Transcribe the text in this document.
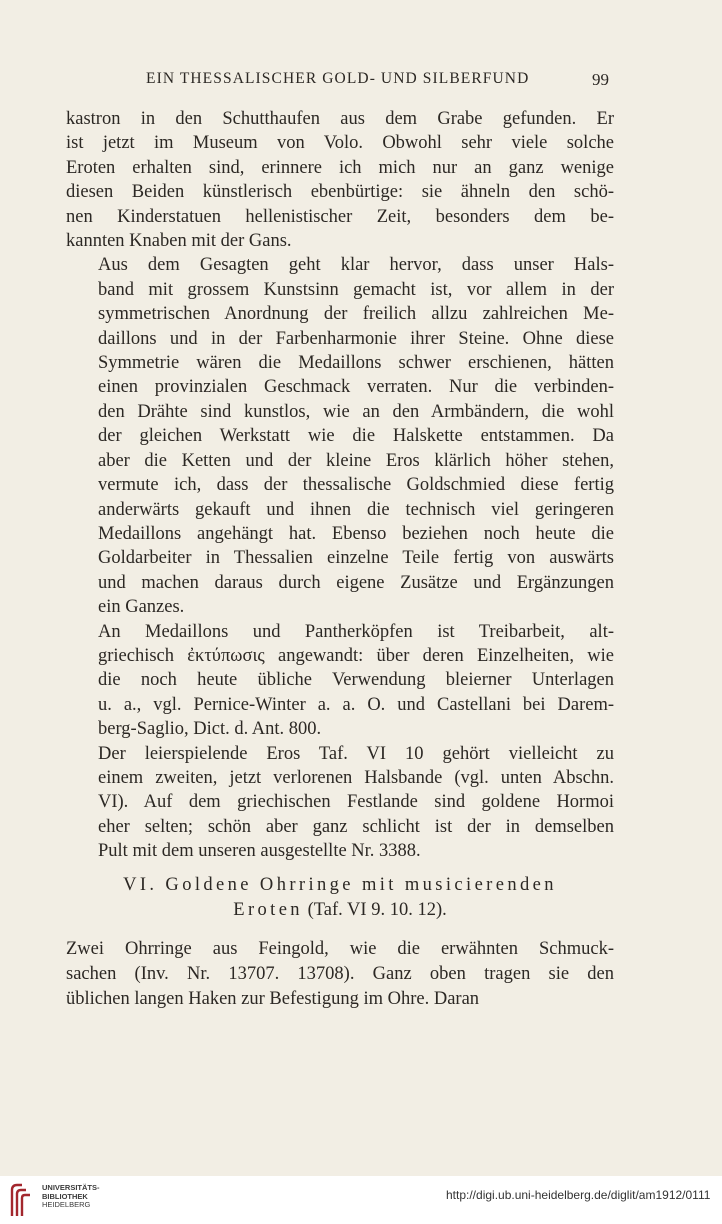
EIN THESSALISCHER GOLD- UND SILBERFUND	99

kastron in den Schutthaufen aus dem Grabe gefunden. Er
ist jetzt im Museum von Volo. Obwohl sehr viele solche
Eroten erhalten sind, erinnere ich mich nur an ganz wenige
diesen Beiden künstlerisch ebenbürtige: sie ähneln den schö-
nen Kinderstatuen hellenistischer Zeit, besonders dem be-
kannten Knaben mit der Gans.

Aus dem Gesagten geht klar hervor, dass unser Hals-
band mit grossem Kunstsinn gemacht ist, vor allem in der
symmetrischen Anordnung der freilich allzu zahlreichen Me-
daillons und in der Farbenharmonie ihrer Steine. Ohne diese
Symmetrie wären die Medaillons schwer erschienen, hätten
einen provinzialen Geschmack verraten. Nur die verbinden-
den Drähte sind kunstlos, wie an den Armbändern, die wohl
der gleichen Werkstatt wie die Halskette entstammen. Da
aber die Ketten und der kleine Eros klärlich höher stehen,
vermute ich, dass der thessalische Goldschmied diese fertig
anderwärts gekauft und ihnen die technisch viel geringeren
Medaillons angehängt hat. Ebenso beziehen noch heute die
Goldarbeiter in Thessalien einzelne Teile fertig von auswärts
und machen daraus durch eigene Zusätze und Ergänzungen
ein Ganzes.

An Medaillons und Pantherköpfen ist Treibarbeit, alt-
griechisch ἐκτύπωσις angewandt: über deren Einzelheiten, wie
die noch heute übliche Verwendung bleierner Unterlagen
u. a., vgl. Pernice-Winter a. a. O. und Castellani bei Darem-
berg-Saglio, Dict. d. Ant. 800.

Der leierspielende Eros Taf. VI 10 gehört vielleicht zu
einem zweiten, jetzt verlorenen Halsbande (vgl. unten Abschn.
VI). Auf dem griechischen Festlande sind goldene Hormoi
eher selten; schön aber ganz schlicht ist der in demselben
Pult mit dem unseren ausgestellte Nr. 3388.

VI. Goldene Ohrringe mit musicierenden
Eroten (Taf. VI 9. 10. 12).

Zwei Ohrringe aus Feingold, wie die erwähnten Schmuck-
sachen (Inv. Nr. 13707. 13708). Ganz oben tragen sie den
üblichen langen Haken zur Befestigung im Ohre. Daran

UNIVERSITÄTS-
BIBLIOTHEK
HEIDELBERG
http://digi.ub.uni-heidelberg.de/diglit/am1912/0111
